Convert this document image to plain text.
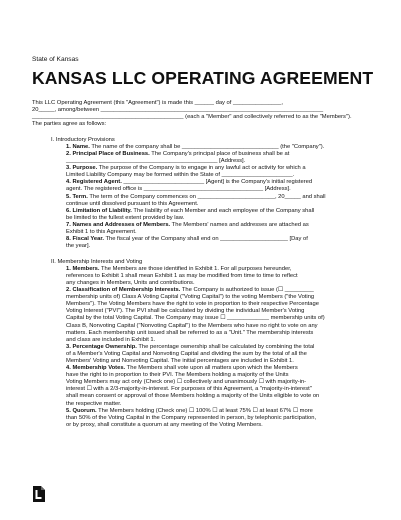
State of Kansas
KANSAS LLC OPERATING AGREEMENT
This LLC Operating Agreement (this "Agreement") is made this ______ day of _______________,
20_____, among/between _____________________________________________________________________
_______________________________________________ (each a "Member" and collectively referred to as the "Members").
The parties agree as follows:
I. Introductory Provisions
1. Name. The name of the company shall be ______________________________ (the "Company").
2. Principal Place of Business. The Company's principal place of business shall be at
_______________________________________________ [Address].
3. Purpose. The purpose of the Company is to engage in any lawful act or activity for which a
Limited Liability Company may be formed within the State of ______________________.
4. Registered Agent. _________________________ [Agent] is the Company's initial registered
agent. The registered office is _____________________________________ [Address].
5. Term. The term of the Company commences on ________________________, 20_____ and shall
continue until dissolved pursuant to this Agreement.
6. Limitation of Liability. The liability of each Member and each employee of the Company shall
be limited to the fullest extent provided by law.
7. Names and Addresses of Members. The Members' names and addresses are attached as
Exhibit 1 to this Agreement.
8. Fiscal Year. The fiscal year of the Company shall end on _____________________ [Day of
the year].
II. Membership Interests and Voting
1. Members. The Members are those identified in Exhibit 1. For all purposes hereunder,
references to Exhibit 1 shall mean Exhibit 1 as may be modified from time to time to reflect
any changes in Members, Units and contributions.
2. Classification of Membership Interests. The Company is authorized to issue (☐ _________
membership units of) Class A Voting Capital ("Voting Capital") to the voting Members ("the Voting
Members"). The Voting Members have the right to vote in proportion to their respective Percentage
Voting Interest ("PVI"). The PVI shall be calculated by dividing the individual Member's Voting
Capital by the total Voting Capital. The Company may issue ☐ _____________ membership units of)
Class B, Nonvoting Capital ("Nonvoting Capital") to the Members who have no right to vote on any
matters. Each membership unit issued shall be referred to as a "Unit." The membership interests
and class are included in Exhibit 1.
3. Percentage Ownership. The percentage ownership shall be calculated by combining the total
of a Member's Voting Capital and Nonvoting Capital and dividing the sum by the total of all the
Members' Voting and Nonvoting Capital. The initial percentages are included in Exhibit 1.
4. Membership Votes. The Members shall vote upon all matters upon which the Members
have the right to in proportion to their PVI. The Members holding a majority of the Units
Voting Members may act only (Check one) ☐ collectively and unanimously ☐ with majority-in-
interest ☐ with a 2/3-majority-in-interest. For purposes of this Agreement, a "majority-in-interest"
shall mean consent or approval of those Members holding a majority of the Units eligible to vote on
the respective matter.
5. Quorum. The Members holding (Check one) ☐ 100% ☐ at least 75% ☐ at least 67% ☐ more
than 50% of the Voting Capital in the Company represented in person, by telephonic participation,
or by proxy, shall constitute a quorum at any meeting of the Voting Members.
